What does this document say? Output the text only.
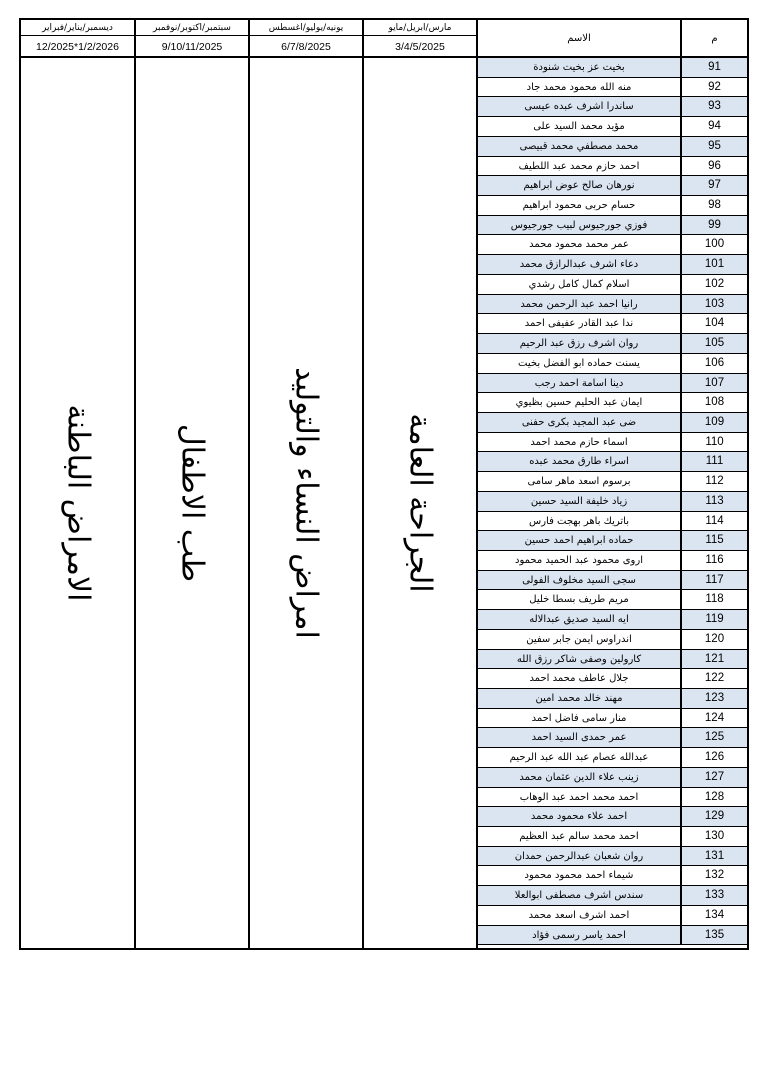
ديسمبر/يناير/فبراير	سبتمبر/اكتوبر/نوفمبر	يونيه/يوليو/اغسطس	مارس/ابريل/مايو
12/2025*1/2/2026	9/10/11/2025	6/7/8/2025	3/4/5/2025
الاسم	م
الامراض الباطنة	طب الاطفال	امراض النساء والتوليد	الجراحة العامة
بخيت عز بخيت شنودة	91
منه الله محمود محمد جاد	92
ساندرا اشرف عبده عيسى	93
مؤيد محمد السيد على	94
محمد مصطفي محمد قبيصى	95
احمد حازم محمد عبد اللطيف	96
نورهان صالح عوض ابراهيم	97
حسام حربى محمود ابراهيم	98
فوزي جورجيوس لبيب جورجيوس	99
عمر محمد محمود محمد	100
دعاء اشرف عبدالرازق محمد	101
اسلام كمال كامل رشدي	102
رانيا احمد عبد الرحمن محمد	103
ندا عبد القادر عفيفى احمد	104
روان اشرف رزق عبد الرحيم	105
يسنت حماده ابو الفضل بخيت	106
دينا اسامة احمد رجب	107
ايمان عبد الحليم حسين بظيوي	108
ضى عبد المجيد بكرى حفنى	109
اسماء حازم محمد احمد	110
اسراء طارق محمد عبده	111
برسوم اسعد ماهر سامى	112
زياد خليفة السيد حسين	113
باتريك باهر بهجت فارس	114
حماده ابراهيم احمد حسين	115
اروى محمود عبد الحميد محمود	116
سجى السيد مخلوف الفولى	117
مريم طريف بسطا خليل	118
ايه السيد صديق عبدالاله	119
اندراوس ايمن جابر سفين	120
كارولين وصفى شاكر رزق الله	121
جلال عاطف محمد احمد	122
مهند خالد محمد امين	123
منار سامى فاضل احمد	124
عمر حمدى السيد احمد	125
عبدالله عصام عبد الله عبد الرحيم	126
زينب علاء الدين عثمان محمد	127
احمد محمد احمد عبد الوهاب	128
احمد علاء محمود محمد	129
احمد محمد سالم عبد العظيم	130
روان شعبان عبدالرحمن حمدان	131
شيماء احمد محمود محمود	132
سندس اشرف مصطفى ابوالعلا	133
احمد اشرف اسعد محمد	134
احمد ياسر رسمى فؤاد	135
